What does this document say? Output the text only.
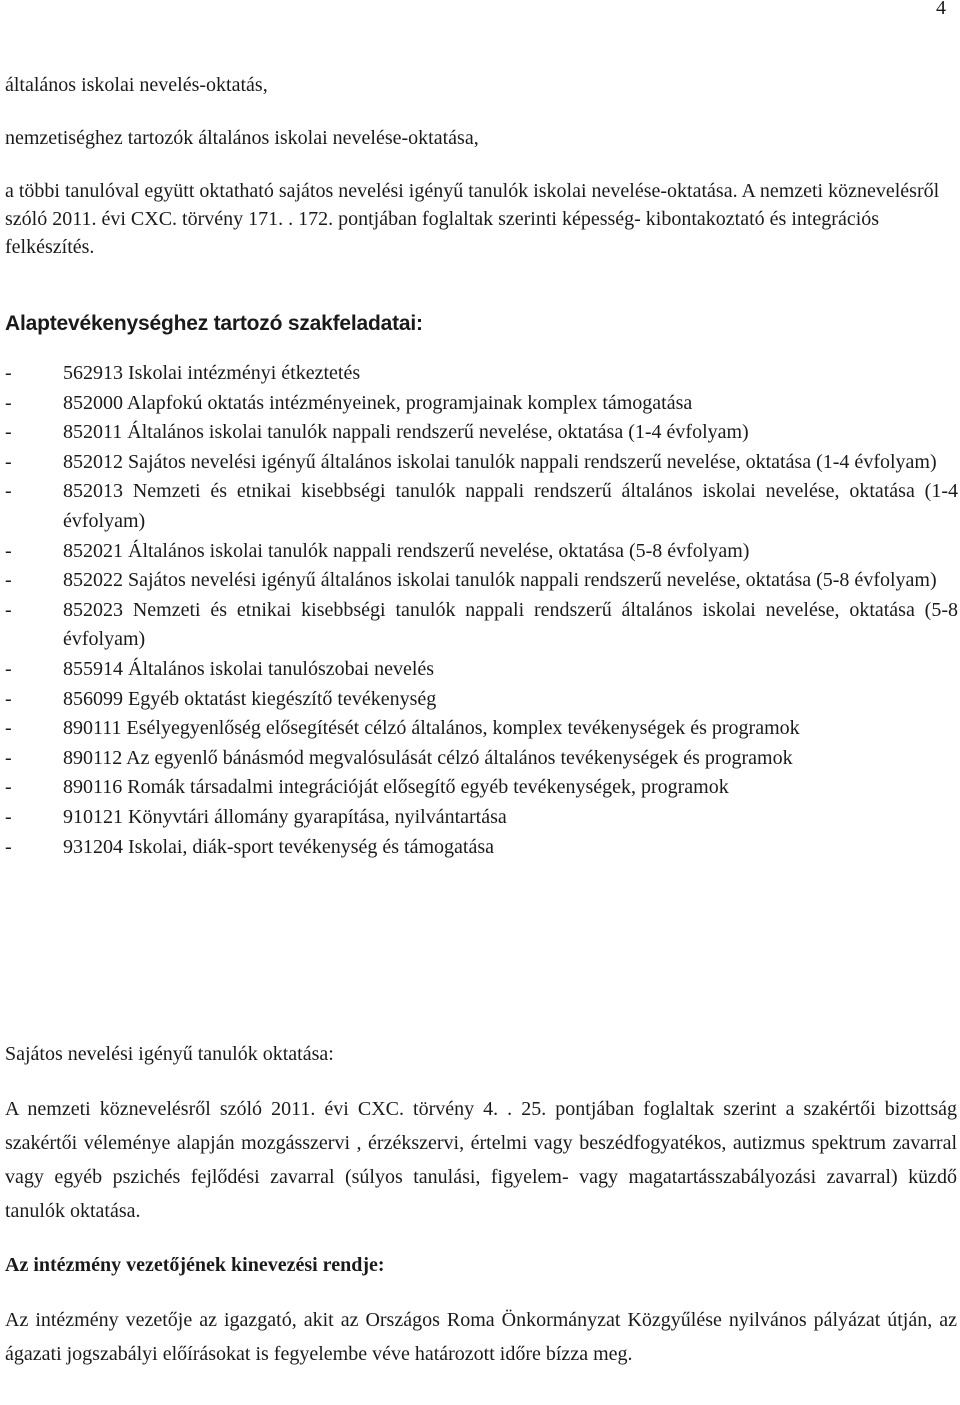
4

általános iskolai nevelés-oktatás,

nemzetiséghez tartozók általános iskolai nevelése-oktatása,

a többi tanulóval együtt oktatható sajátos nevelési igényű tanulók iskolai nevelése-oktatása. A nemzeti köznevelésről szóló 2011. évi CXC. törvény 171. . 172. pontjában foglaltak szerinti képesség- kibontakoztató és integrációs felkészítés.

Alaptevékenységhez tartozó szakfeladatai:
-	562913 Iskolai intézményi étkeztetés
-	852000 Alapfokú oktatás intézményeinek, programjainak komplex támogatása
-	852011 Általános iskolai tanulók nappali rendszerű nevelése, oktatása (1-4 évfolyam)
-	852012 Sajátos nevelési igényű általános iskolai tanulók nappali rendszerű nevelése, oktatása (1-4 évfolyam)
-	852013 Nemzeti és etnikai kisebbségi tanulók nappali rendszerű általános iskolai nevelése, oktatása (1-4 évfolyam)
-	852021 Általános iskolai tanulók nappali rendszerű nevelése, oktatása (5-8 évfolyam)
-	852022 Sajátos nevelési igényű általános iskolai tanulók nappali rendszerű nevelése, oktatása (5-8 évfolyam)
-	852023 Nemzeti és etnikai kisebbségi tanulók nappali rendszerű általános iskolai nevelése, oktatása (5-8 évfolyam)
-	855914 Általános iskolai tanulószobai nevelés
-	856099 Egyéb oktatást kiegészítő tevékenység
-	890111 Esélyegyenlőség elősegítését célzó általános, komplex tevékenységek és programok
-	890112 Az egyenlő bánásmód megvalósulását célzó általános tevékenységek és programok
-	890116 Romák társadalmi integrációját elősegítő egyéb tevékenységek, programok
-	910121 Könyvtári állomány gyarapítása, nyilvántartása
-	931204 Iskolai, diák-sport tevékenység és támogatása

Sajátos nevelési igényű tanulók oktatása:

A nemzeti köznevelésről szóló 2011. évi CXC. törvény 4. . 25. pontjában foglaltak szerint a szakértői bizottság szakértői véleménye alapján mozgásszervi , érzékszervi, értelmi vagy beszédfogyatékos, autizmus spektrum zavarral vagy egyéb pszichés fejlődési zavarral (súlyos tanulási, figyelem- vagy magatartásszabályozási zavarral) küzdő tanulók oktatása.

Az intézmény vezetőjének kinevezési rendje:

Az intézmény vezetője az igazgató, akit az Országos Roma Önkormányzat Közgyűlése nyilvános pályázat útján, az ágazati jogszabályi előírásokat is fegyelembe véve határozott időre bízza meg.
